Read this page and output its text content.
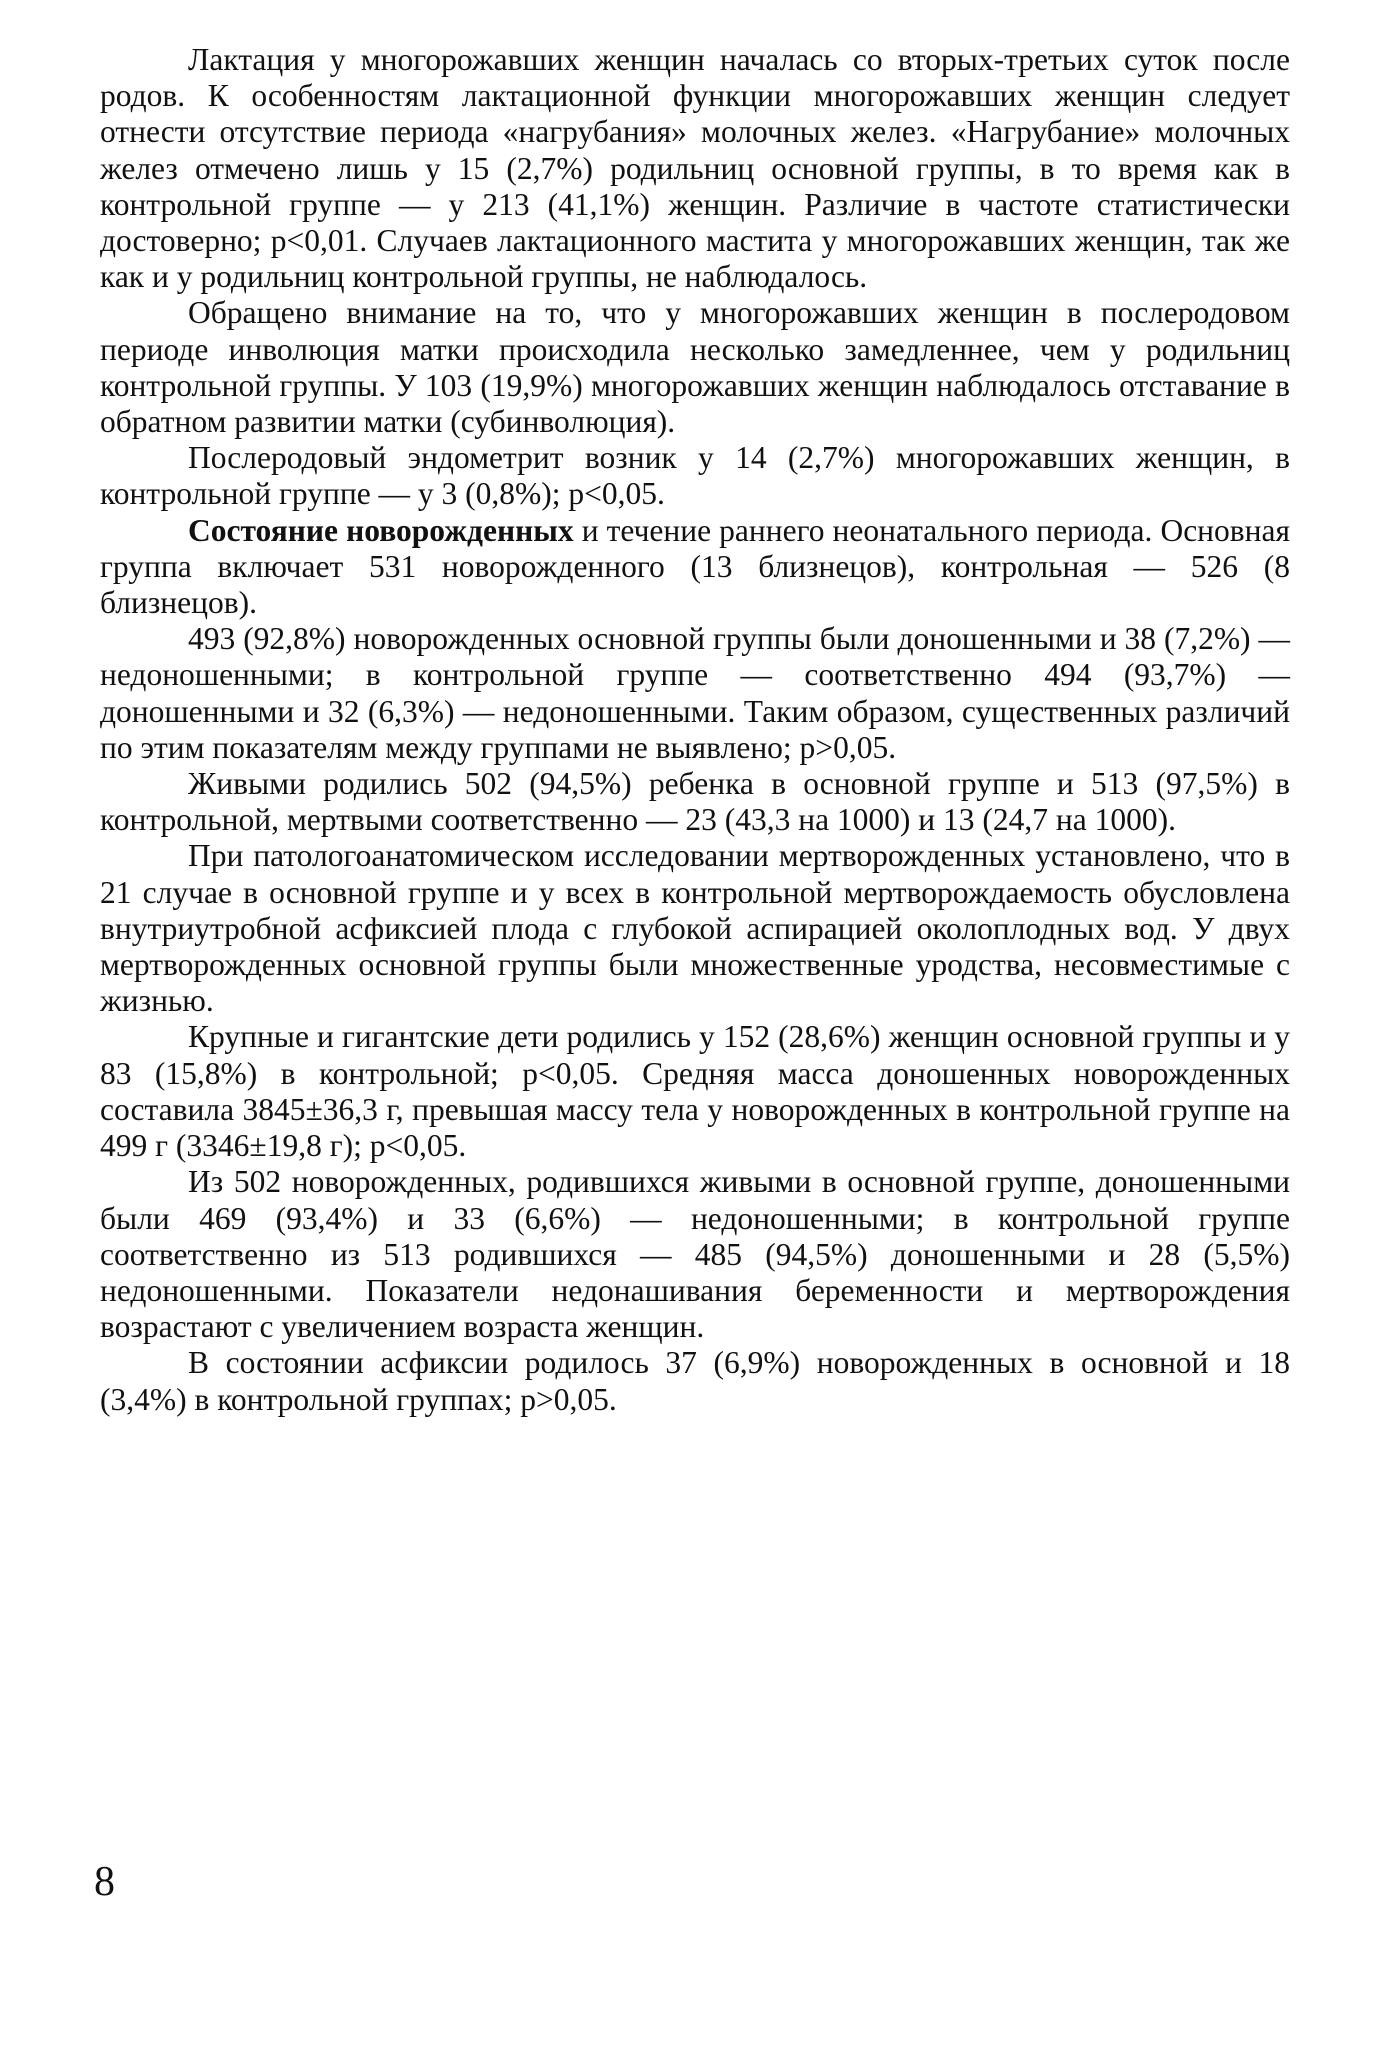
Лактация у многорожавших женщин началась со вторых-третьих суток после родов. К особенностям лактационной функции многорожавших женщин следует отнести отсутствие периода «нагрубания» молочных желез. «Нагрубание» молочных желез отмечено лишь у 15 (2,7%) родильниц основной группы, в то время как в контрольной группе — у 213 (41,1%) женщин. Различие в частоте статистически достоверно; р<0,01. Случаев лактационного мастита у многорожавших женщин, так же как и у родильниц контрольной группы, не наблюдалось.

Обращено внимание на то, что у многорожавших женщин в послеродовом периоде инволюция матки происходила несколько замедленнее, чем у родильниц контрольной группы. У 103 (19,9%) многорожавших женщин наблюдалось отставание в обратном развитии матки (субинволюция).

Послеродовый эндометрит возник у 14 (2,7%) многорожавших женщин, в контрольной группе — у 3 (0,8%); р<0,05.

Состояние новорожденных и течение раннего неонатального периода. Основная группа включает 531 новорожденного (13 близнецов), контрольная — 526 (8 близнецов).

493 (92,8%) новорожденных основной группы были доношенными и 38 (7,2%) — недоношенными; в контрольной группе — соответственно 494 (93,7%) — доношенными и 32 (6,3%) — недоношенными. Таким образом, существенных различий по этим показателям между группами не выявлено; р>0,05.

Живыми родились 502 (94,5%) ребенка в основной группе и 513 (97,5%) в контрольной, мертвыми соответственно — 23 (43,3 на 1000) и 13 (24,7 на 1000).

При патологоанатомическом исследовании мертворожденных установлено, что в 21 случае в основной группе и у всех в контрольной мертворождаемость обусловлена внутриутробной асфиксией плода с глубокой аспирацией околоплодных вод. У двух мертворожденных основной группы были множественные уродства, несовместимые с жизнью.

Крупные и гигантские дети родились у 152 (28,6%) женщин основной группы и у 83 (15,8%) в контрольной; р<0,05. Средняя масса доношенных новорожденных составила 3845±36,3 г, превышая массу тела у новорожденных в контрольной группе на 499 г (3346±19,8 г); р<0,05.

Из 502 новорожденных, родившихся живыми в основной группе, доношенными были 469 (93,4%) и 33 (6,6%) — недоношенными; в контрольной группе соответственно из 513 родившихся — 485 (94,5%) доношенными и 28 (5,5%) недоношенными. Показатели недонашивания беременности и мертворождения возрастают с увеличением возраста женщин.

В состоянии асфиксии родилось 37 (6,9%) новорожденных в основной и 18 (3,4%) в контрольной группах; р>0,05.

8
